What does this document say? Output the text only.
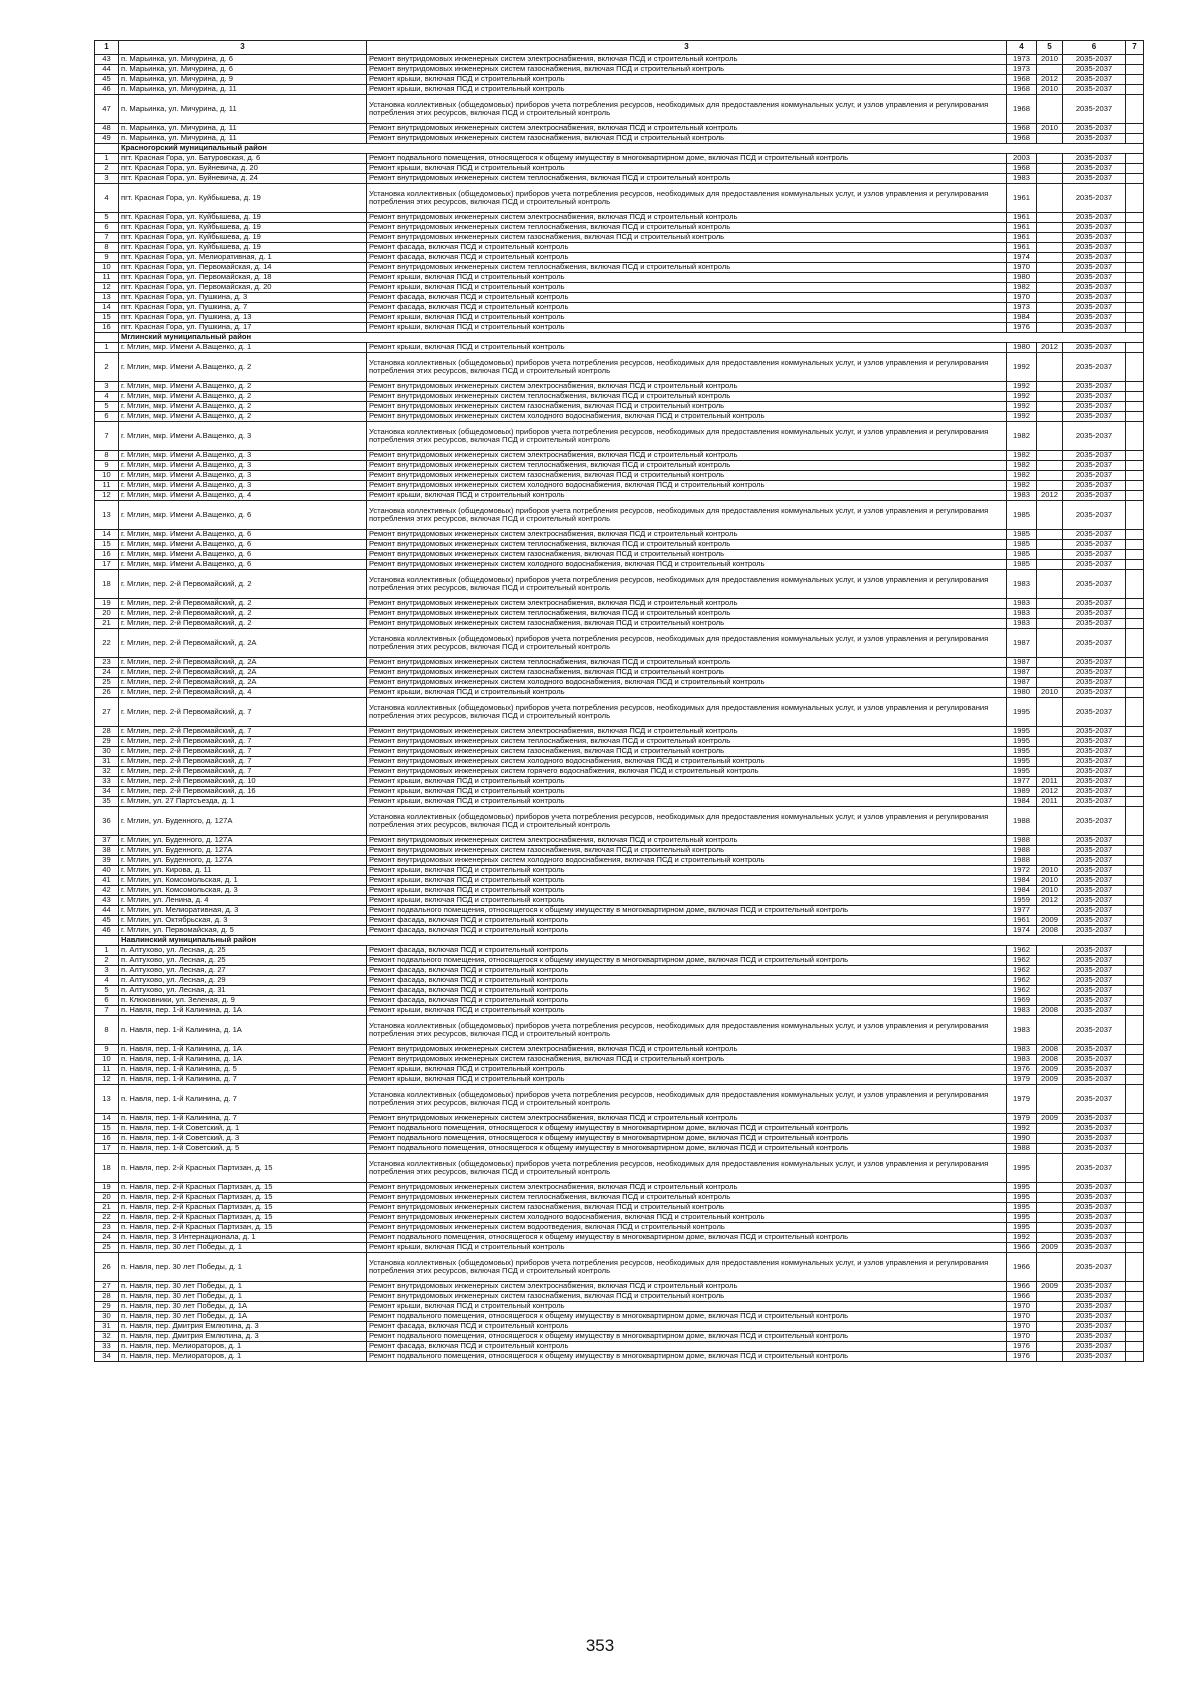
1	3	3	4	5	6	7
43	п. Марьинка, ул. Мичурина, д. 6	Ремонт внутридомовых инженерных систем электроснабжения, включая ПСД и строительный контроль	1973	2010	2035-2037	
44	п. Марьинка, ул. Мичурина, д. 6	Ремонт внутридомовых инженерных систем газоснабжения, включая ПСД и строительный контроль	1973		2035-2037	
45	п. Марьинка, ул. Мичурина, д. 9	Ремонт крыши, включая ПСД и строительный контроль	1968	2012	2035-2037	
46	п. Марьинка, ул. Мичурина, д. 11	Ремонт крыши, включая ПСД и строительный контроль	1968	2010	2035-2037	
47	п. Марьинка, ул. Мичурина, д. 11	Установка коллективных (общедомовых) приборов учета потребления ресурсов, необходимых для предоставления коммунальных услуг, и узлов управления и регулирования потребления этих ресурсов, включая ПСД и строительный контроль	1968		2035-2037	
48	п. Марьинка, ул. Мичурина, д. 11	Ремонт внутридомовых инженерных систем электроснабжения, включая ПСД и строительный контроль	1968	2010	2035-2037	
49	п. Марьинка, ул. Мичурина, д. 11	Ремонт внутридомовых инженерных систем газоснабжения, включая ПСД и строительный контроль	1968		2035-2037	
	Красногорский муниципальный район					
1	пгт. Красная Гора, ул. Батуровская, д. 6	Ремонт подвального помещения, относящегося к общему имуществу в многоквартирном доме, включая ПСД и строительный контроль	2003		2035-2037	
2	пгт. Красная Гора, ул. Буйневича, д. 20	Ремонт крыши, включая ПСД и строительный контроль	1968		2035-2037	
3	пгт. Красная Гора, ул. Буйневича, д. 24	Ремонт внутридомовых инженерных систем теплоснабжения, включая ПСД и строительный контроль	1983		2035-2037	
4	пгт. Красная Гора, ул. Куйбышева, д. 19	Установка коллективных (общедомовых) приборов учета потребления ресурсов, необходимых для предоставления коммунальных услуг, и узлов управления и регулирования потребления этих ресурсов, включая ПСД и строительный контроль	1961		2035-2037	
5	пгт. Красная Гора, ул. Куйбышева, д. 19	Ремонт внутридомовых инженерных систем электроснабжения, включая ПСД и строительный контроль	1961		2035-2037	
6	пгт. Красная Гора, ул. Куйбышева, д. 19	Ремонт внутридомовых инженерных систем теплоснабжения, включая ПСД и строительный контроль	1961		2035-2037	
7	пгт. Красная Гора, ул. Куйбышева, д. 19	Ремонт внутридомовых инженерных систем газоснабжения, включая ПСД и строительный контроль	1961		2035-2037	
8	пгт. Красная Гора, ул. Куйбышева, д. 19	Ремонт фасада, включая ПСД и строительный контроль	1961		2035-2037	
9	пгт. Красная Гора, ул. Мелиоративная, д. 1	Ремонт фасада, включая ПСД и строительный контроль	1974		2035-2037	
10	пгт. Красная Гора, ул. Первомайская, д. 14	Ремонт внутридомовых инженерных систем теплоснабжения, включая ПСД и строительный контроль	1970		2035-2037	
11	пгт. Красная Гора, ул. Первомайская, д. 18	Ремонт крыши, включая ПСД и строительный контроль	1980		2035-2037	
12	пгт. Красная Гора, ул. Первомайская, д. 20	Ремонт крыши, включая ПСД и строительный контроль	1982		2035-2037	
13	пгт. Красная Гора, ул. Пушкина, д. 3	Ремонт фасада, включая ПСД и строительный контроль	1970		2035-2037	
14	пгт. Красная Гора, ул. Пушкина, д. 7	Ремонт фасада, включая ПСД и строительный контроль	1973		2035-2037	
15	пгт. Красная Гора, ул. Пушкина, д. 13	Ремонт крыши, включая ПСД и строительный контроль	1984		2035-2037	
16	пгт. Красная Гора, ул. Пушкина, д. 17	Ремонт крыши, включая ПСД и строительный контроль	1976		2035-2037	
	Мглинский муниципальный район					
1	г. Мглин, мкр. Имени А.Ващенко, д. 1	Ремонт крыши, включая ПСД и строительный контроль	1980	2012	2035-2037	
2	г. Мглин, мкр. Имени А.Ващенко, д. 2	Установка коллективных (общедомовых) приборов учета потребления ресурсов, необходимых для предоставления коммунальных услуг, и узлов управления и регулирования потребления этих ресурсов, включая ПСД и строительный контроль	1992		2035-2037	
3	г. Мглин, мкр. Имени А.Ващенко, д. 2	Ремонт внутридомовых инженерных систем электроснабжения, включая ПСД и строительный контроль	1992		2035-2037	
4	г. Мглин, мкр. Имени А.Ващенко, д. 2	Ремонт внутридомовых инженерных систем теплоснабжения, включая ПСД и строительный контроль	1992		2035-2037	
5	г. Мглин, мкр. Имени А.Ващенко, д. 2	Ремонт внутридомовых инженерных систем газоснабжения, включая ПСД и строительный контроль	1992		2035-2037	
6	г. Мглин, мкр. Имени А.Ващенко, д. 2	Ремонт внутридомовых инженерных систем холодного водоснабжения, включая ПСД и строительный контроль	1992		2035-2037	
7	г. Мглин, мкр. Имени А.Ващенко, д. 3	Установка коллективных (общедомовых) приборов учета потребления ресурсов, необходимых для предоставления коммунальных услуг, и узлов управления и регулирования потребления этих ресурсов, включая ПСД и строительный контроль	1982		2035-2037	
8	г. Мглин, мкр. Имени А.Ващенко, д. 3	Ремонт внутридомовых инженерных систем электроснабжения, включая ПСД и строительный контроль	1982		2035-2037	
9	г. Мглин, мкр. Имени А.Ващенко, д. 3	Ремонт внутридомовых инженерных систем теплоснабжения, включая ПСД и строительный контроль	1982		2035-2037	
10	г. Мглин, мкр. Имени А.Ващенко, д. 3	Ремонт внутридомовых инженерных систем газоснабжения, включая ПСД и строительный контроль	1982		2035-2037	
11	г. Мглин, мкр. Имени А.Ващенко, д. 3	Ремонт внутридомовых инженерных систем холодного водоснабжения, включая ПСД и строительный контроль	1982		2035-2037	
12	г. Мглин, мкр. Имени А.Ващенко, д. 4	Ремонт крыши, включая ПСД и строительный контроль	1983	2012	2035-2037	
13	г. Мглин, мкр. Имени А.Ващенко, д. 6	Установка коллективных (общедомовых) приборов учета потребления ресурсов, необходимых для предоставления коммунальных услуг, и узлов управления и регулирования потребления этих ресурсов, включая ПСД и строительный контроль	1985		2035-2037	
14	г. Мглин, мкр. Имени А.Ващенко, д. 6	Ремонт внутридомовых инженерных систем электроснабжения, включая ПСД и строительный контроль	1985		2035-2037	
15	г. Мглин, мкр. Имени А.Ващенко, д. 6	Ремонт внутридомовых инженерных систем теплоснабжения, включая ПСД и строительный контроль	1985		2035-2037	
16	г. Мглин, мкр. Имени А.Ващенко, д. 6	Ремонт внутридомовых инженерных систем газоснабжения, включая ПСД и строительный контроль	1985		2035-2037	
17	г. Мглин, мкр. Имени А.Ващенко, д. 6	Ремонт внутридомовых инженерных систем холодного водоснабжения, включая ПСД и строительный контроль	1985		2035-2037	
18	г. Мглин, пер. 2-й Первомайский, д. 2	Установка коллективных (общедомовых) приборов учета потребления ресурсов, необходимых для предоставления коммунальных услуг, и узлов управления и регулирования потребления этих ресурсов, включая ПСД и строительный контроль	1983		2035-2037	
19	г. Мглин, пер. 2-й Первомайский, д. 2	Ремонт внутридомовых инженерных систем электроснабжения, включая ПСД и строительный контроль	1983		2035-2037	
20	г. Мглин, пер. 2-й Первомайский, д. 2	Ремонт внутридомовых инженерных систем теплоснабжения, включая ПСД и строительный контроль	1983		2035-2037	
21	г. Мглин, пер. 2-й Первомайский, д. 2	Ремонт внутридомовых инженерных систем газоснабжения, включая ПСД и строительный контроль	1983		2035-2037	
22	г. Мглин, пер. 2-й Первомайский, д. 2А	Установка коллективных (общедомовых) приборов учета потребления ресурсов, необходимых для предоставления коммунальных услуг, и узлов управления и регулирования потребления этих ресурсов, включая ПСД и строительный контроль	1987		2035-2037	
23	г. Мглин, пер. 2-й Первомайский, д. 2А	Ремонт внутридомовых инженерных систем теплоснабжения, включая ПСД и строительный контроль	1987		2035-2037	
24	г. Мглин, пер. 2-й Первомайский, д. 2А	Ремонт внутридомовых инженерных систем газоснабжения, включая ПСД и строительный контроль	1987		2035-2037	
25	г. Мглин, пер. 2-й Первомайский, д. 2А	Ремонт внутридомовых инженерных систем холодного водоснабжения, включая ПСД и строительный контроль	1987		2035-2037	
26	г. Мглин, пер. 2-й Первомайский, д. 4	Ремонт крыши, включая ПСД и строительный контроль	1980	2010	2035-2037	
27	г. Мглин, пер. 2-й Первомайский, д. 7	Установка коллективных (общедомовых) приборов учета потребления ресурсов, необходимых для предоставления коммунальных услуг, и узлов управления и регулирования потребления этих ресурсов, включая ПСД и строительный контроль	1995		2035-2037	
28	г. Мглин, пер. 2-й Первомайский, д. 7	Ремонт внутридомовых инженерных систем электроснабжения, включая ПСД и строительный контроль	1995		2035-2037	
29	г. Мглин, пер. 2-й Первомайский, д. 7	Ремонт внутридомовых инженерных систем теплоснабжения, включая ПСД и строительный контроль	1995		2035-2037	
30	г. Мглин, пер. 2-й Первомайский, д. 7	Ремонт внутридомовых инженерных систем газоснабжения, включая ПСД и строительный контроль	1995		2035-2037	
31	г. Мглин, пер. 2-й Первомайский, д. 7	Ремонт внутридомовых инженерных систем холодного водоснабжения, включая ПСД и строительный контроль	1995		2035-2037	
32	г. Мглин, пер. 2-й Первомайский, д. 7	Ремонт внутридомовых инженерных систем горячего водоснабжения, включая ПСД и строительный контроль	1995		2035-2037	
33	г. Мглин, пер. 2-й Первомайский, д. 10	Ремонт крыши, включая ПСД и строительный контроль	1977	2011	2035-2037	
34	г. Мглин, пер. 2-й Первомайский, д. 16	Ремонт крыши, включая ПСД и строительный контроль	1989	2012	2035-2037	
35	г. Мглин, ул. 27 Партсъезда, д. 1	Ремонт крыши, включая ПСД и строительный контроль	1984	2011	2035-2037	
36	г. Мглин, ул. Буденного, д. 127А	Установка коллективных (общедомовых) приборов учета потребления ресурсов, необходимых для предоставления коммунальных услуг, и узлов управления и регулирования потребления этих ресурсов, включая ПСД и строительный контроль	1988		2035-2037	
37	г. Мглин, ул. Буденного, д. 127А	Ремонт внутридомовых инженерных систем электроснабжения, включая ПСД и строительный контроль	1988		2035-2037	
38	г. Мглин, ул. Буденного, д. 127А	Ремонт внутридомовых инженерных систем газоснабжения, включая ПСД и строительный контроль	1988		2035-2037	
39	г. Мглин, ул. Буденного, д. 127А	Ремонт внутридомовых инженерных систем холодного водоснабжения, включая ПСД и строительный контроль	1988		2035-2037	
40	г. Мглин, ул. Кирова, д. 11	Ремонт крыши, включая ПСД и строительный контроль	1972	2010	2035-2037	
41	г. Мглин, ул. Комсомольская, д. 1	Ремонт крыши, включая ПСД и строительный контроль	1984	2010	2035-2037	
42	г. Мглин, ул. Комсомольская, д. 3	Ремонт крыши, включая ПСД и строительный контроль	1984	2010	2035-2037	
43	г. Мглин, ул. Ленина, д. 4	Ремонт крыши, включая ПСД и строительный контроль	1959	2012	2035-2037	
44	г. Мглин, ул. Мелиоративная, д. 3	Ремонт подвального помещения, относящегося к общему имуществу в многоквартирном доме, включая ПСД и строительный контроль	1977		2035-2037	
45	г. Мглин, ул. Октябрьская, д. 3	Ремонт фасада, включая ПСД и строительный контроль	1961	2009	2035-2037	
46	г. Мглин, ул. Первомайская, д. 5	Ремонт фасада, включая ПСД и строительный контроль	1974	2008	2035-2037	
	Навлинский муниципальный район					
1	п. Алтухово, ул. Лесная, д. 25	Ремонт фасада, включая ПСД и строительный контроль	1962		2035-2037	
2	п. Алтухово, ул. Лесная, д. 25	Ремонт подвального помещения, относящегося к общему имуществу в многоквартирном доме, включая ПСД и строительный контроль	1962		2035-2037	
3	п. Алтухово, ул. Лесная, д. 27	Ремонт фасада, включая ПСД и строительный контроль	1962		2035-2037	
4	п. Алтухово, ул. Лесная, д. 29	Ремонт фасада, включая ПСД и строительный контроль	1962		2035-2037	
5	п. Алтухово, ул. Лесная, д. 31	Ремонт фасада, включая ПСД и строительный контроль	1962		2035-2037	
6	п. Клюковники, ул. Зеленая, д. 9	Ремонт фасада, включая ПСД и строительный контроль	1969		2035-2037	
7	п. Навля, пер. 1-й Калинина, д. 1А	Ремонт крыши, включая ПСД и строительный контроль	1983	2008	2035-2037	
8	п. Навля, пер. 1-й Калинина, д. 1А	Установка коллективных (общедомовых) приборов учета потребления ресурсов, необходимых для предоставления коммунальных услуг, и узлов управления и регулирования потребления этих ресурсов, включая ПСД и строительный контроль	1983		2035-2037	
9	п. Навля, пер. 1-й Калинина, д. 1А	Ремонт внутридомовых инженерных систем электроснабжения, включая ПСД и строительный контроль	1983	2008	2035-2037	
10	п. Навля, пер. 1-й Калинина, д. 1А	Ремонт внутридомовых инженерных систем газоснабжения, включая ПСД и строительный контроль	1983	2008	2035-2037	
11	п. Навля, пер. 1-й Калинина, д. 5	Ремонт крыши, включая ПСД и строительный контроль	1976	2009	2035-2037	
12	п. Навля, пер. 1-й Калинина, д. 7	Ремонт крыши, включая ПСД и строительный контроль	1979	2009	2035-2037	
13	п. Навля, пер. 1-й Калинина, д. 7	Установка коллективных (общедомовых) приборов учета потребления ресурсов, необходимых для предоставления коммунальных услуг, и узлов управления и регулирования потребления этих ресурсов, включая ПСД и строительный контроль	1979		2035-2037	
14	п. Навля, пер. 1-й Калинина, д. 7	Ремонт внутридомовых инженерных систем электроснабжения, включая ПСД и строительный контроль	1979	2009	2035-2037	
15	п. Навля, пер. 1-й Советский, д. 1	Ремонт подвального помещения, относящегося к общему имуществу в многоквартирном доме, включая ПСД и строительный контроль	1992		2035-2037	
16	п. Навля, пер. 1-й Советский, д. 3	Ремонт подвального помещения, относящегося к общему имуществу в многоквартирном доме, включая ПСД и строительный контроль	1990		2035-2037	
17	п. Навля, пер. 1-й Советский, д. 5	Ремонт подвального помещения, относящегося к общему имуществу в многоквартирном доме, включая ПСД и строительный контроль	1988		2035-2037	
18	п. Навля, пер. 2-й Красных Партизан, д. 15	Установка коллективных (общедомовых) приборов учета потребления ресурсов, необходимых для предоставления коммунальных услуг, и узлов управления и регулирования потребления этих ресурсов, включая ПСД и строительный контроль	1995		2035-2037	
19	п. Навля, пер. 2-й Красных Партизан, д. 15	Ремонт внутридомовых инженерных систем электроснабжения, включая ПСД и строительный контроль	1995		2035-2037	
20	п. Навля, пер. 2-й Красных Партизан, д. 15	Ремонт внутридомовых инженерных систем теплоснабжения, включая ПСД и строительный контроль	1995		2035-2037	
21	п. Навля, пер. 2-й Красных Партизан, д. 15	Ремонт внутридомовых инженерных систем газоснабжения, включая ПСД и строительный контроль	1995		2035-2037	
22	п. Навля, пер. 2-й Красных Партизан, д. 15	Ремонт внутридомовых инженерных систем холодного водоснабжения, включая ПСД и строительный контроль	1995		2035-2037	
23	п. Навля, пер. 2-й Красных Партизан, д. 15	Ремонт внутридомовых инженерных систем водоотведения, включая ПСД и строительный контроль	1995		2035-2037	
24	п. Навля, пер. 3 Интернационала, д. 1	Ремонт подвального помещения, относящегося к общему имуществу в многоквартирном доме, включая ПСД и строительный контроль	1992		2035-2037	
25	п. Навля, пер. 30 лет Победы, д. 1	Ремонт крыши, включая ПСД и строительный контроль	1966	2009	2035-2037	
26	п. Навля, пер. 30 лет Победы, д. 1	Установка коллективных (общедомовых) приборов учета потребления ресурсов, необходимых для предоставления коммунальных услуг, и узлов управления и регулирования потребления этих ресурсов, включая ПСД и строительный контроль	1966		2035-2037	
27	п. Навля, пер. 30 лет Победы, д. 1	Ремонт внутридомовых инженерных систем электроснабжения, включая ПСД и строительный контроль	1966	2009	2035-2037	
28	п. Навля, пер. 30 лет Победы, д. 1	Ремонт внутридомовых инженерных систем газоснабжения, включая ПСД и строительный контроль	1966		2035-2037	
29	п. Навля, пер. 30 лет Победы, д. 1А	Ремонт крыши, включая ПСД и строительный контроль	1970		2035-2037	
30	п. Навля, пер. 30 лет Победы, д. 1А	Ремонт подвального помещения, относящегося к общему имуществу в многоквартирном доме, включая ПСД и строительный контроль	1970		2035-2037	
31	п. Навля, пер. Дмитрия Емлютина, д. 3	Ремонт фасада, включая ПСД и строительный контроль	1970		2035-2037	
32	п. Навля, пер. Дмитрия Емлютина, д. 3	Ремонт подвального помещения, относящегося к общему имуществу в многоквартирном доме, включая ПСД и строительный контроль	1970		2035-2037	
33	п. Навля, пер. Мелиораторов, д. 1	Ремонт фасада, включая ПСД и строительный контроль	1976		2035-2037	
34	п. Навля, пер. Мелиораторов, д. 1	Ремонт подвального помещения, относящегося к общему имуществу в многоквартирном доме, включая ПСД и строительный контроль	1976		2035-2037	
353
